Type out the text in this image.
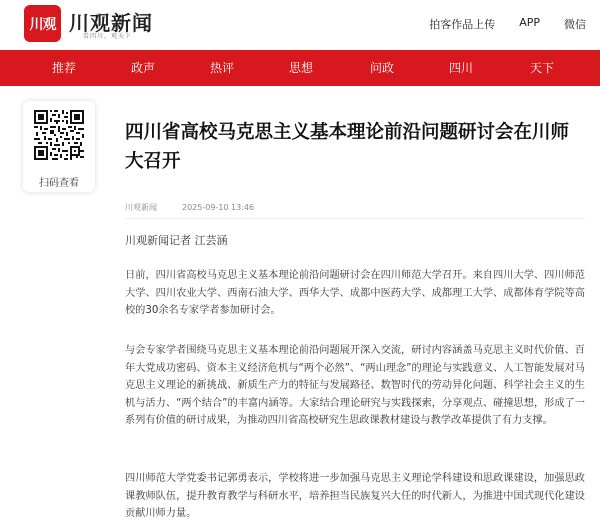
川观 川观新闻
看四川，观天下
拍客作品上传 APP 微信
推荐	政声	热评	思想	问政	四川	天下
扫码查看
四川省高校马克思主义基本理论前沿问题研讨会在川师大召开
川观新闻	2025-09-10 13:46
川观新闻记者 江芸涵

日前，四川省高校马克思主义基本理论前沿问题研讨会在四川师范大学召开。来自四川大学、四川师范大学、四川农业大学、西南石油大学、西华大学、成都中医药大学、成都理工大学、成都体育学院等高校的30余名专家学者参加研讨会。

与会专家学者围绕马克思主义基本理论前沿问题展开深入交流，研讨内容涵盖马克思主义时代价值、百年大党成功密码、资本主义经济危机与“两个必然”、“两山理念”的理论与实践意义、人工智能发展对马克思主义理论的新挑战、新质生产力的特征与发展路径、数智时代的劳动异化问题、科学社会主义的生机与活力、“两个结合”的丰富内涵等。大家结合理论研究与实践探索，分享观点、碰撞思想，形成了一系列有价值的研讨成果，为推动四川省高校研究生思政课教材建设与教学改革提供了有力支撑。

四川师范大学党委书记郭勇表示，学校将进一步加强马克思主义理论学科建设和思政课建设，加强思政课教师队伍，提升教育教学与科研水平，培养担当民族复兴大任的时代新人，为推进中国式现代化建设贡献川师力量。
